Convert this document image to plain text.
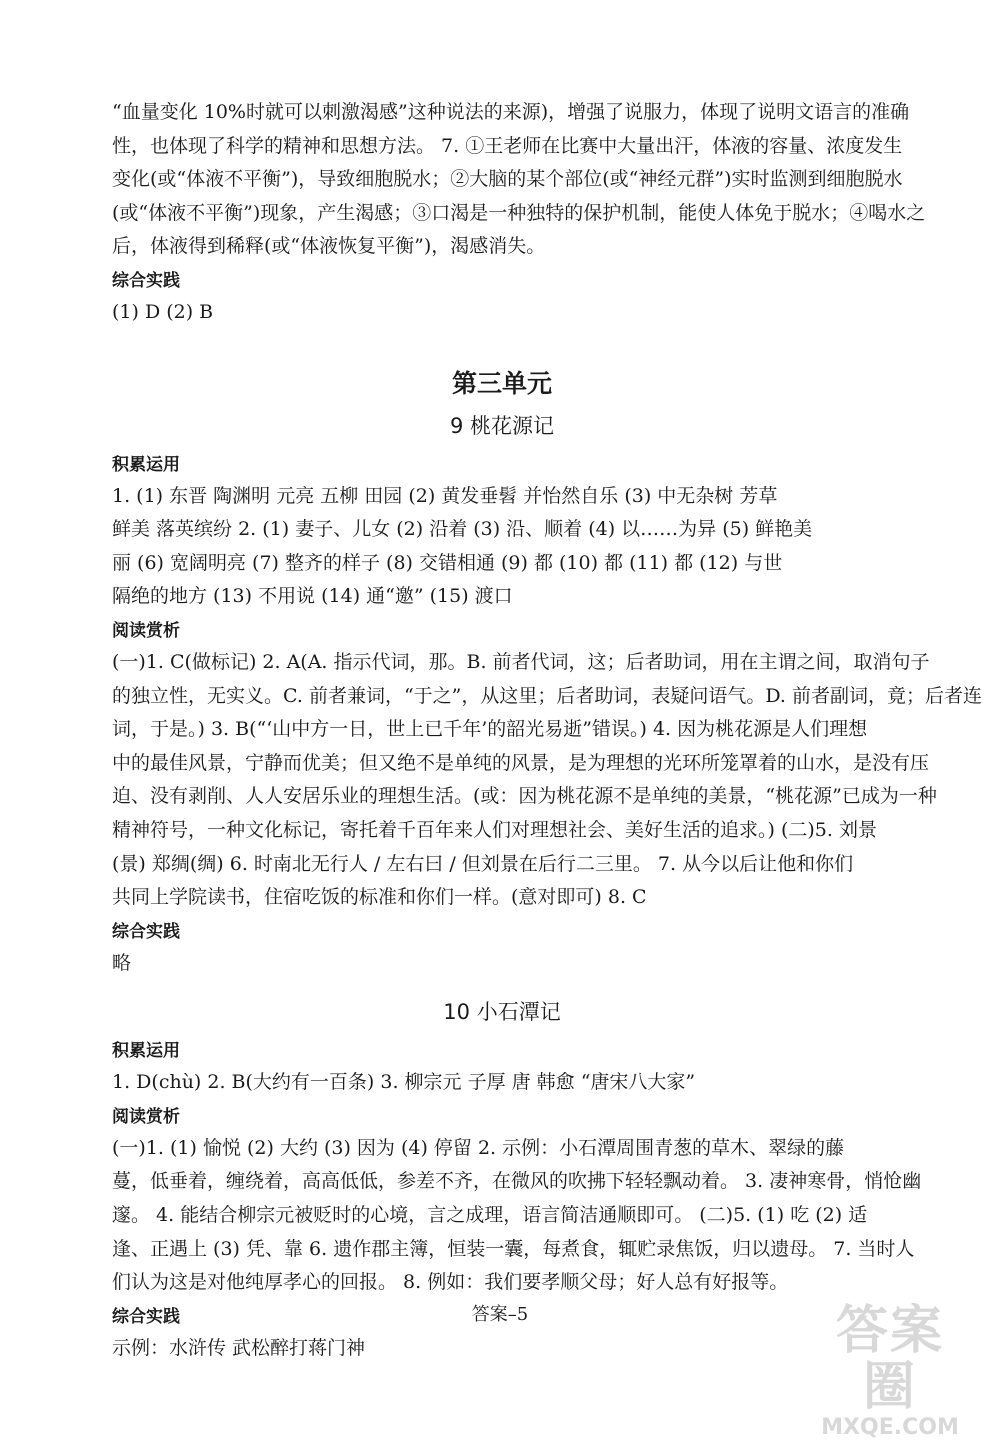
“血量变化 10%时就可以刺激渴感”这种说法的来源)，增强了说服力，体现了说明文语言的准确
性，也体现了科学的精神和思想方法。 7. ①王老师在比赛中大量出汗，体液的容量、浓度发生
变化(或“体液不平衡”)，导致细胞脱水；②大脑的某个部位(或“神经元群”)实时监测到细胞脱水
(或“体液不平衡”)现象，产生渴感；③口渴是一种独特的保护机制，能使人体免于脱水；④喝水之
后，体液得到稀释(或“体液恢复平衡”)，渴感消失。
综合实践
(1) D (2) B
第三单元
9 桃花源记
积累运用
1. (1) 东晋 陶渊明 元亮 五柳 田园 (2) 黄发垂髫 并怡然自乐 (3) 中无杂树 芳草
鲜美 落英缤纷 2. (1) 妻子、儿女 (2) 沿着 (3) 沿、顺着 (4) 以……为异 (5) 鲜艳美
丽 (6) 宽阔明亮 (7) 整齐的样子 (8) 交错相通 (9) 都 (10) 都 (11) 都 (12) 与世
隔绝的地方 (13) 不用说 (14) 通“邀” (15) 渡口
阅读赏析
(一)1. C(做标记) 2. A(A. 指示代词，那。B. 前者代词，这；后者助词，用在主谓之间，取消句子
的独立性，无实义。C. 前者兼词，“于之”，从这里；后者助词，表疑问语气。D. 前者副词，竟；后者连
词，于是。) 3. B(“‘山中方一日，世上已千年’的韶光易逝”错误。) 4. 因为桃花源是人们理想
中的最佳风景，宁静而优美；但又绝不是单纯的风景，是为理想的光环所笼罩着的山水，是没有压
迫、没有剥削、人人安居乐业的理想生活。(或：因为桃花源不是单纯的美景，“桃花源”已成为一种
精神符号，一种文化标记，寄托着千百年来人们对理想社会、美好生活的追求。) (二)5. 刘景
(景) 郑绸(绸) 6. 时南北无行人 / 左右曰 / 但刘景在后行二三里。 7. 从今以后让他和你们
共同上学院读书，住宿吃饭的标准和你们一样。(意对即可) 8. C
综合实践
略
10 小石潭记
积累运用
1. D(chù) 2. B(大约有一百条) 3. 柳宗元 子厚 唐 韩愈 “唐宋八大家”
阅读赏析
(一)1. (1) 愉悦 (2) 大约 (3) 因为 (4) 停留 2. 示例：小石潭周围青葱的草木、翠绿的藤
蔓，低垂着，缠绕着，高高低低，参差不齐，在微风的吹拂下轻轻飘动着。 3. 凄神寒骨，悄怆幽
邃。 4. 能结合柳宗元被贬时的心境，言之成理，语言简洁通顺即可。 (二)5. (1) 吃 (2) 适
逢、正遇上 (3) 凭、靠 6. 遗作郡主簿，恒装一囊，每煮食，辄贮录焦饭，归以遗母。 7. 当时人
们认为这是对他纯厚孝心的回报。 8. 例如：我们要孝顺父母；好人总有好报等。
综合实践
示例：水浒传 武松醉打蒋门神
答案–5	答案圈
MXQE.COM
